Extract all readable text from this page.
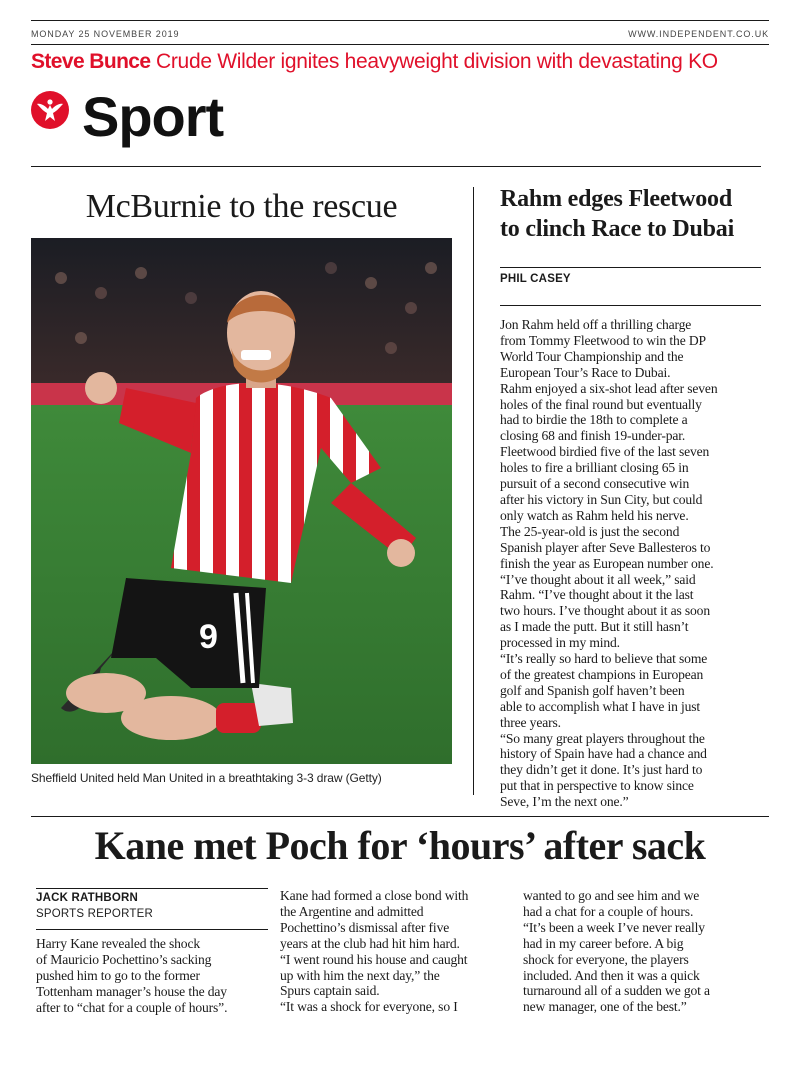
MONDAY 25 NOVEMBER 2019	WWW.INDEPENDENT.CO.UK
Steve Bunce Crude Wilder ignites heavyweight division with devastating KO
Sport
McBurnie to the rescue
9
Sheffield United held Man United in a breathtaking 3-3 draw (Getty)
Rahm edges Fleetwood
to clinch Race to Dubai
PHIL CASEY
Jon Rahm held off a thrilling charge
from Tommy Fleetwood to win the DP
World Tour Championship and the
European Tour’s Race to Dubai.
Rahm enjoyed a six-shot lead after seven
holes of the final round but eventually
had to birdie the 18th to complete a
closing 68 and finish 19-under-par.
Fleetwood birdied five of the last seven
holes to fire a brilliant closing 65 in
pursuit of a second consecutive win
after his victory in Sun City, but could
only watch as Rahm held his nerve.
The 25-year-old is just the second
Spanish player after Seve Ballesteros to
finish the year as European number one.
“I’ve thought about it all week,” said
Rahm. “I’ve thought about it the last
two hours. I’ve thought about it as soon
as I made the putt. But it still hasn’t
processed in my mind.
“It’s really so hard to believe that some
of the greatest champions in European
golf and Spanish golf haven’t been
able to accomplish what I have in just
three years.
“So many great players throughout the
history of Spain have had a chance and
they didn’t get it done. It’s just hard to
put that in perspective to know since
Seve, I’m the next one.”
Kane met Poch for ‘hours’ after sack
JACK RATHBORN
SPORTS REPORTER
Harry Kane revealed the shock
of Mauricio Pochettino’s sacking
pushed him to go to the former
Tottenham manager’s house the day
after to “chat for a couple of hours”.
Kane had formed a close bond with
the Argentine and admitted
Pochettino’s dismissal after five
years at the club had hit him hard.
“I went round his house and caught
up with him the next day,” the
Spurs captain said.
“It was a shock for everyone, so I
wanted to go and see him and we
had a chat for a couple of hours.
“It’s been a week I’ve never really
had in my career before. A big
shock for everyone, the players
included. And then it was a quick
turnaround all of a sudden we got a
new manager, one of the best.”
